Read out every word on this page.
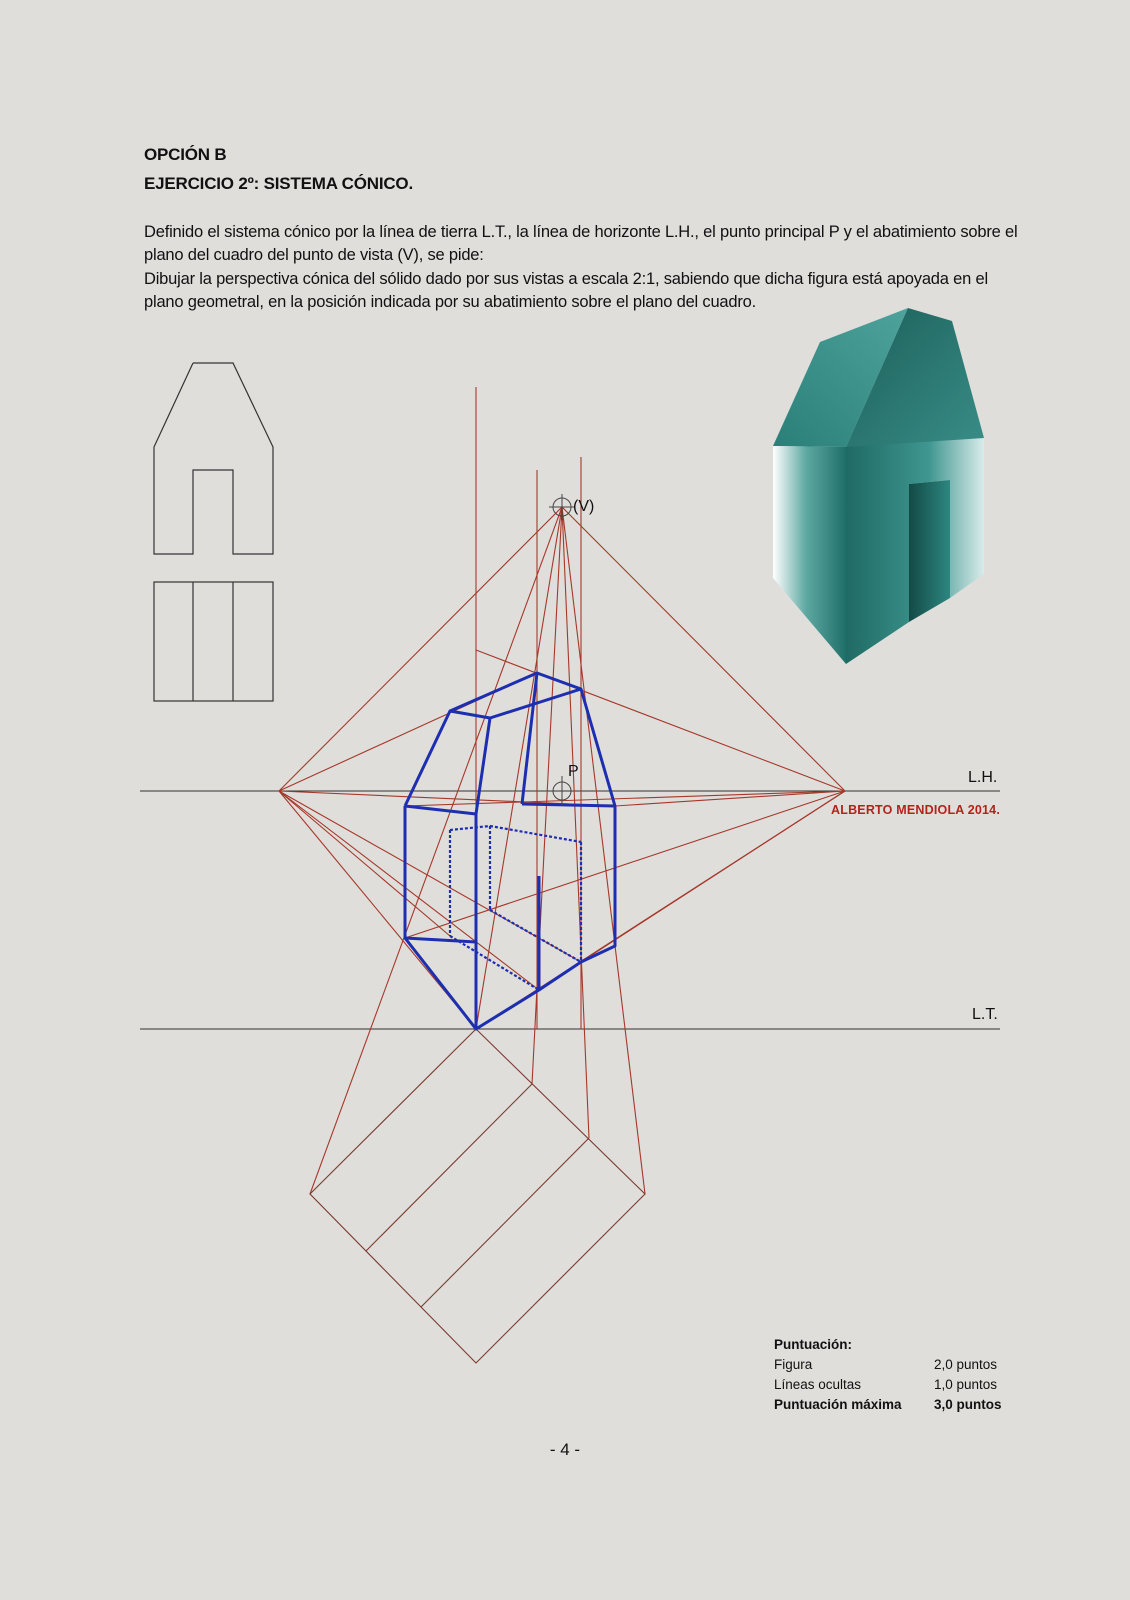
OPCIÓN B
EJERCICIO 2º: SISTEMA CÓNICO.
Definido el sistema cónico por la línea de tierra L.T., la línea de horizonte L.H., el punto principal P y el abatimiento sobre el plano del cuadro del punto de vista (V), se pide:
Dibujar la perspectiva cónica del sólido dado por sus vistas a escala 2:1, sabiendo que dicha figura está apoyada en el plano geometral, en la posición indicada por su abatimiento sobre el plano del cuadro.
(V)
P	L.H.
L.T.
ALBERTO MENDIOLA 2014.
Puntuación:
Figura	2,0 puntos
Líneas ocultas	1,0 puntos
Puntuación máxima	3,0 puntos
- 4 -
